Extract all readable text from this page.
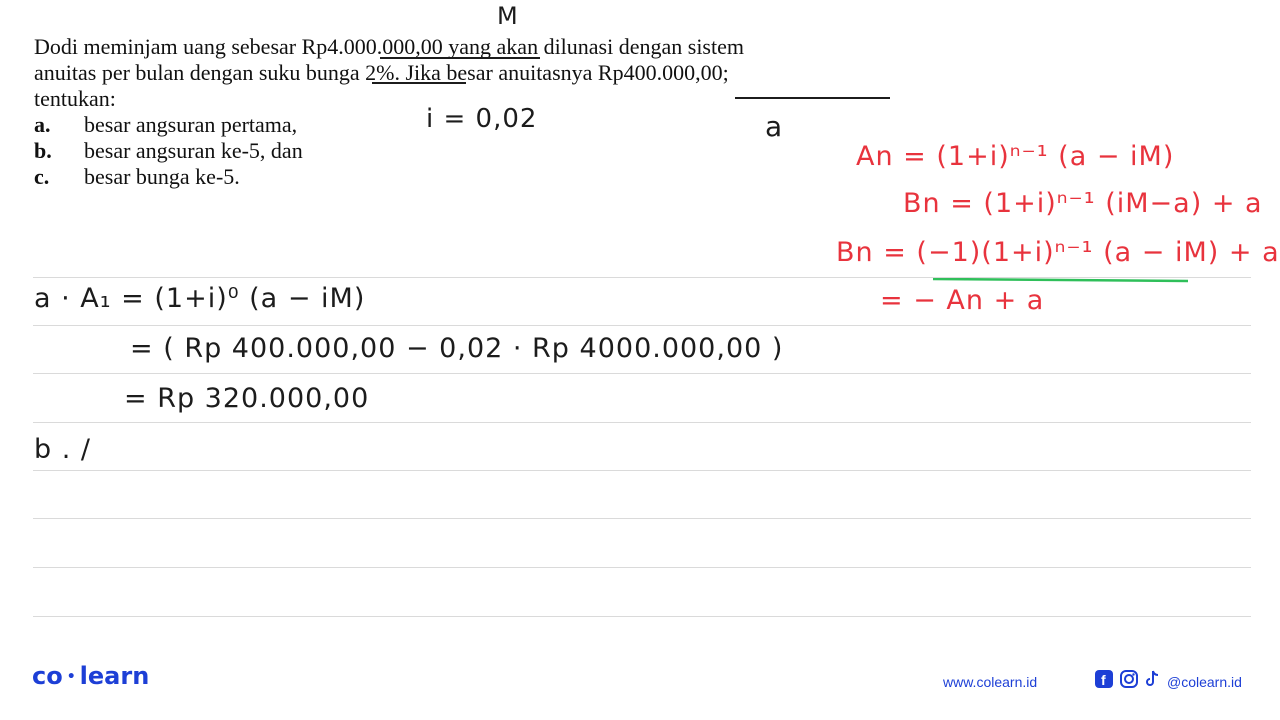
Dodi meminjam uang sebesar Rp4.000.000,00 yang akan dilunasi dengan sistem
anuitas per bulan dengan suku bunga 2%. Jika besar anuitasnya Rp400.000,00;
tentukan:
a.	besar angsuran pertama,
b.	besar angsuran ke-5, dan
c.	besar bunga ke-5.
M
i = 0,02	a
An = (1+i)ⁿ⁻¹ (a − iM)
Bn = (1+i)ⁿ⁻¹ (iM−a) + a
Bn = (−1)(1+i)ⁿ⁻¹ (a − iM) + a
= − An + a
a · A₁ = (1+i)⁰ (a − iM)
= ( Rp 400.000,00 − 0,02 · Rp 4000.000,00 )
= Rp 320.000,00
b . /
co • learn	www.colearn.id	f	@colearn.id
